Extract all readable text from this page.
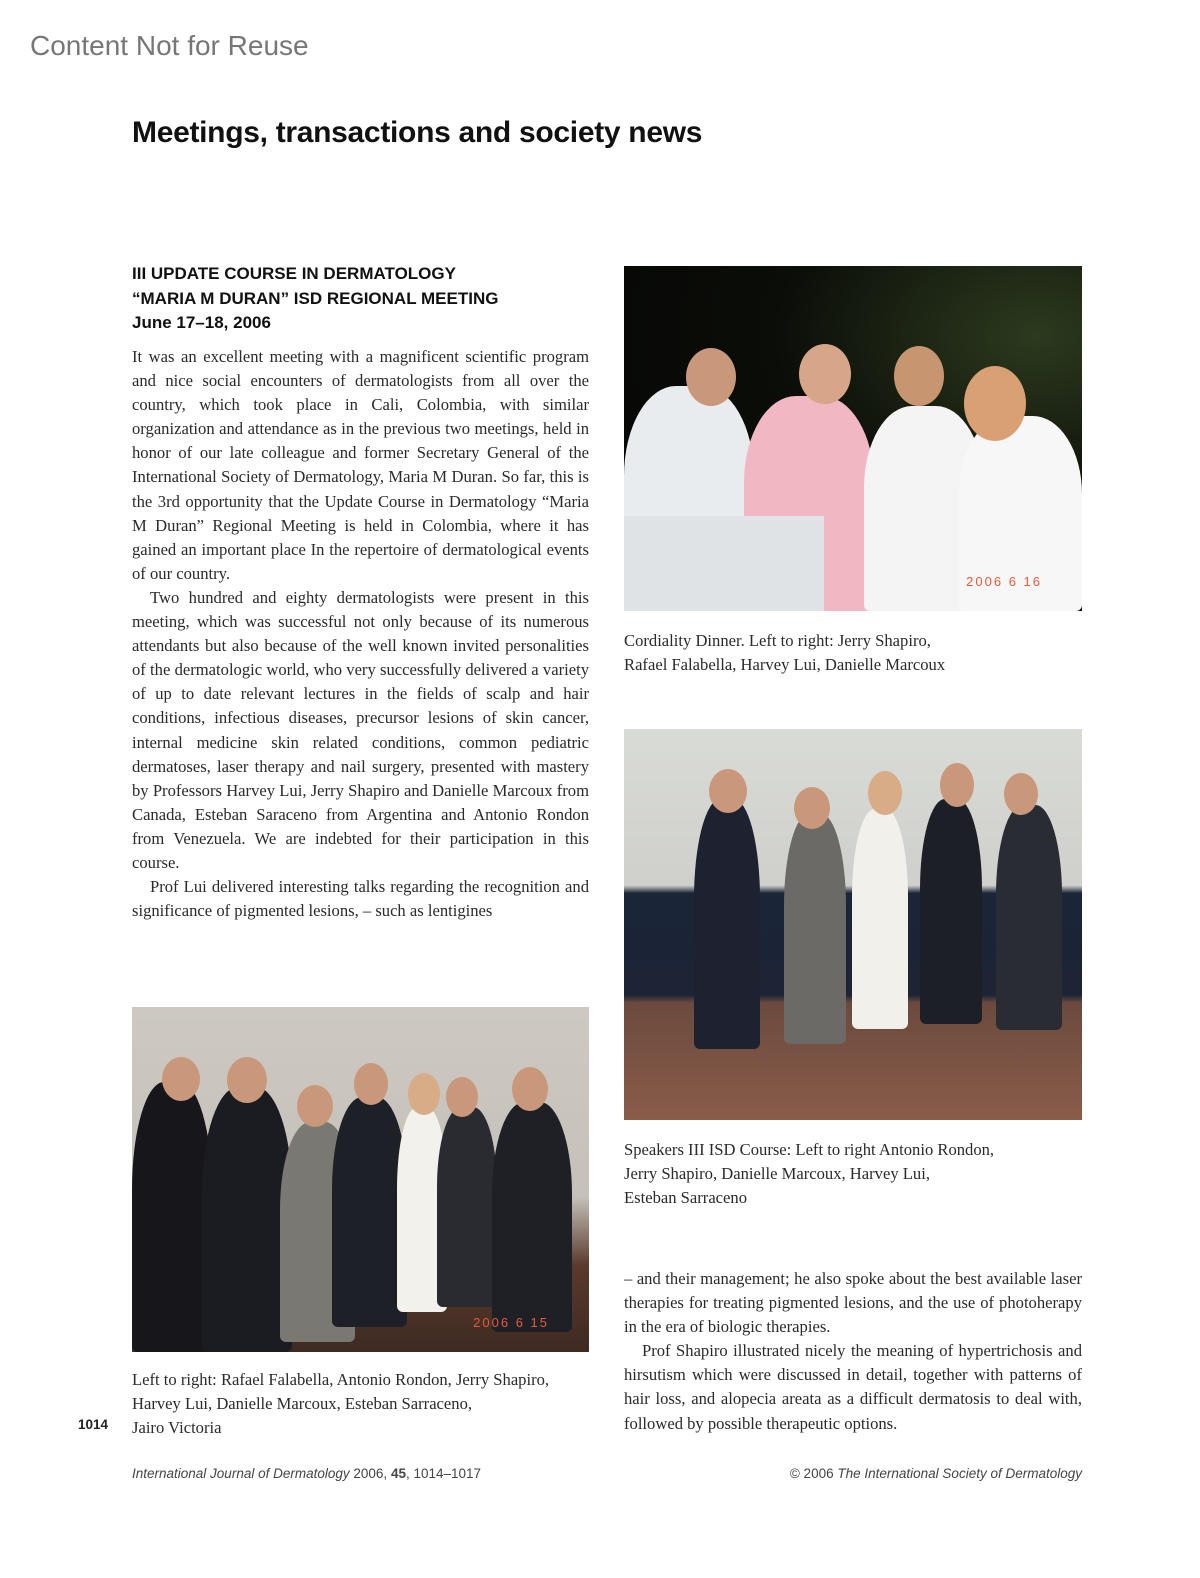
Content Not for Reuse
Meetings, transactions and society news
III UPDATE COURSE IN DERMATOLOGY
“MARIA M DURAN” ISD REGIONAL MEETING
June 17–18, 2006

It was an excellent meeting with a magnificent scientific program and nice social encounters of dermatologists from all over the country, which took place in Cali, Colombia, with similar organization and attendance as in the previous two meetings, held in honor of our late colleague and former Secretary General of the International Society of Dermatology, Maria M Duran. So far, this is the 3rd opportunity that the Update Course in Dermatology “Maria M Duran” Regional Meeting is held in Colombia, where it has gained an important place In the repertoire of dermatological events of our country.

Two hundred and eighty dermatologists were present in this meeting, which was successful not only because of its numerous attendants but also because of the well known invited personalities of the dermatologic world, who very successfully delivered a variety of up to date relevant lectures in the fields of scalp and hair conditions, infectious diseases, precursor lesions of skin cancer, internal medicine skin related conditions, common pediatric dermatoses, laser therapy and nail surgery, presented with mastery by Professors Harvey Lui, Jerry Shapiro and Danielle Marcoux from Canada, Esteban Saraceno from Argentina and Antonio Rondon from Venezuela. We are indebted for their participation in this course.

Prof Lui delivered interesting talks regarding the recognition and significance of pigmented lesions, – such as lentigines

2006 6 16
Cordiality Dinner. Left to right: Jerry Shapiro,
Rafael Falabella, Harvey Lui, Danielle Marcoux
Speakers III ISD Course: Left to right Antonio Rondon,
Jerry Shapiro, Danielle Marcoux, Harvey Lui,
Esteban Sarraceno
2006 6 15
Left to right: Rafael Falabella, Antonio Rondon, Jerry Shapiro,
Harvey Lui, Danielle Marcoux, Esteban Sarraceno,
Jairo Victoria

– and their management; he also spoke about the best available laser therapies for treating pigmented lesions, and the use of photoherapy in the era of biologic therapies.

Prof Shapiro illustrated nicely the meaning of hypertrichosis and hirsutism which were discussed in detail, together with patterns of hair loss, and alopecia areata as a difficult dermatosis to deal with, followed by possible therapeutic options.

1014
International Journal of Dermatology 2006, 45, 1014–1017	© 2006 The International Society of Dermatology
